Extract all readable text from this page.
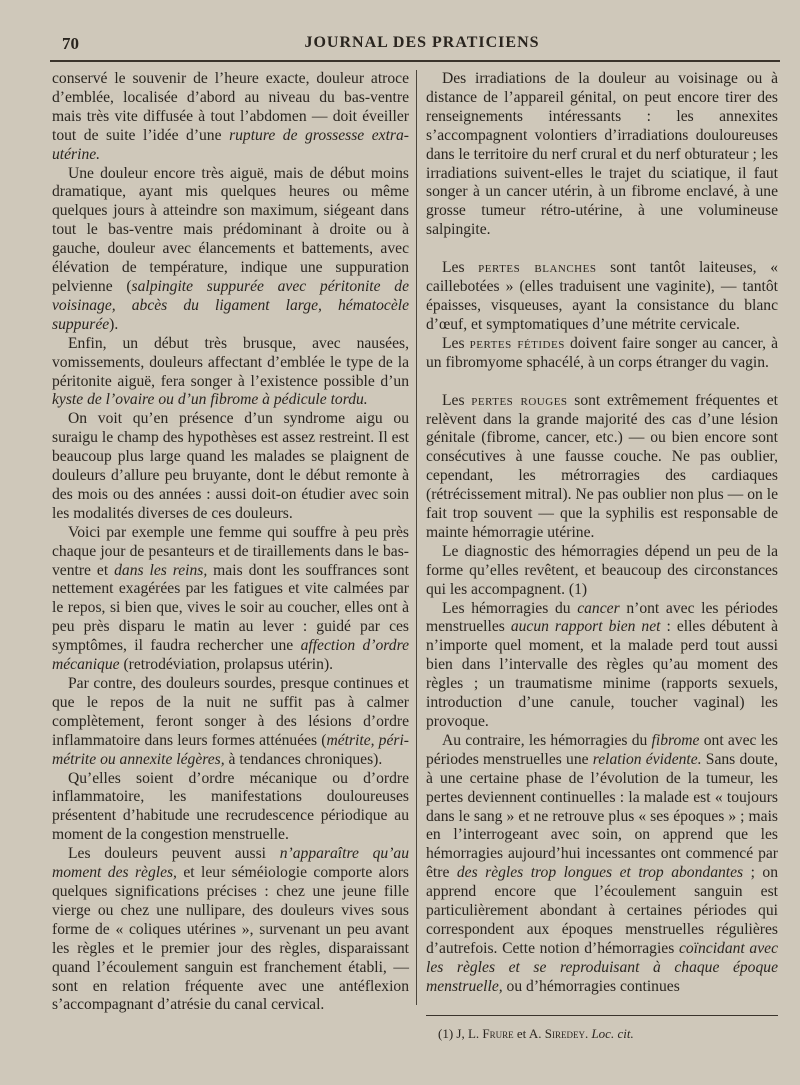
70	JOURNAL DES PRATICIENS

conservé le souvenir de l’heure exacte, douleur atroce d’emblée, localisée d’abord au niveau du bas-ventre mais très vite diffusée à tout l’abdomen — doit éveiller tout de suite l’idée d’une rupture de grossesse extra-utérine.

Une douleur encore très aiguë, mais de début moins dramatique, ayant mis quelques heures ou même quelques jours à atteindre son maximum, siégeant dans tout le bas-ventre mais prédominant à droite ou à gauche, douleur avec élancements et battements, avec élévation de température, indique une suppuration pelvienne (salpingite suppurée avec péritonite de voisinage, abcès du ligament large, hématocèle suppurée).

Enfin, un début très brusque, avec nausées, vomissements, douleurs affectant d’emblée le type de la péritonite aiguë, fera songer à l’existence possible d’un kyste de l’ovaire ou d’un fibrome à pédicule tordu.

On voit qu’en présence d’un syndrome aigu ou suraigu le champ des hypothèses est assez restreint. Il est beaucoup plus large quand les malades se plaignent de douleurs d’allure peu bruyante, dont le début remonte à des mois ou des années : aussi doit-on étudier avec soin les modalités diverses de ces douleurs.

Voici par exemple une femme qui souffre à peu près chaque jour de pesanteurs et de tiraillements dans le bas-ventre et dans les reins, mais dont les souffrances sont nettement exagérées par les fatigues et vite calmées par le repos, si bien que, vives le soir au coucher, elles ont à peu près disparu le matin au lever : guidé par ces symptômes, il faudra rechercher une affection d’ordre mécanique (retrodéviation, prolapsus utérin).

Par contre, des douleurs sourdes, presque continues et que le repos de la nuit ne suffit pas à calmer complètement, feront songer à des lésions d’ordre inflammatoire dans leurs formes atténuées (métrite, péri-métrite ou annexite légères, à tendances chroniques).

Qu’elles soient d’ordre mécanique ou d’ordre inflammatoire, les manifestations douloureuses présentent d’habitude une recrudescence périodique au moment de la congestion menstruelle.

Les douleurs peuvent aussi n’apparaître qu’au moment des règles, et leur séméiologie comporte alors quelques significations précises : chez une jeune fille vierge ou chez une nullipare, des douleurs vives sous forme de « coliques utérines », survenant un peu avant les règles et le premier jour des règles, disparaissant quand l’écoulement sanguin est franchement établi, — sont en relation fréquente avec une antéflexion s’accompagnant d’atrésie du canal cervical.

Des irradiations de la douleur au voisinage ou à distance de l’appareil génital, on peut encore tirer des renseignements intéressants : les annexites s’accompagnent volontiers d’irradiations douloureuses dans le territoire du nerf crural et du nerf obturateur ; les irradiations suivent-elles le trajet du sciatique, il faut songer à un cancer utérin, à un fibrome enclavé, à une grosse tumeur rétro-utérine, à une volumineuse salpingite.

Les pertes blanches sont tantôt laiteuses, « caillebotées » (elles traduisent une vaginite), — tantôt épaisses, visqueuses, ayant la consistance du blanc d’œuf, et symptomatiques d’une métrite cervicale.

Les pertes fétides doivent faire songer au cancer, à un fibromyome sphacélé, à un corps étranger du vagin.

Les pertes rouges sont extrêmement fréquentes et relèvent dans la grande majorité des cas d’une lésion génitale (fibrome, cancer, etc.) — ou bien encore sont consécutives à une fausse couche. Ne pas oublier, cependant, les métrorragies des cardiaques (rétrécissement mitral). Ne pas oublier non plus — on le fait trop souvent — que la syphilis est responsable de mainte hémorragie utérine.

Le diagnostic des hémorragies dépend un peu de la forme qu’elles revêtent, et beaucoup des circonstances qui les accompagnent. (1)

Les hémorragies du cancer n’ont avec les périodes menstruelles aucun rapport bien net : elles débutent à n’importe quel moment, et la malade perd tout aussi bien dans l’intervalle des règles qu’au moment des règles ; un traumatisme minime (rapports sexuels, introduction d’une canule, toucher vaginal) les provoque.

Au contraire, les hémorragies du fibrome ont avec les périodes menstruelles une relation évidente. Sans doute, à une certaine phase de l’évolution de la tumeur, les pertes deviennent continuelles : la malade est « toujours dans le sang » et ne retrouve plus « ses époques » ; mais en l’interrogeant avec soin, on apprend que les hémorragies aujourd’hui incessantes ont commencé par être des règles trop longues et trop abondantes ; on apprend encore que l’écoulement sanguin est particulièrement abondant à certaines périodes qui correspondent aux époques menstruelles régulières d’autrefois. Cette notion d’hémorragies coïncidant avec les règles et se reproduisant à chaque époque menstruelle, ou d’hémorragies continues

(1) J, L. Frure et A. Siredey. Loc. cit.
